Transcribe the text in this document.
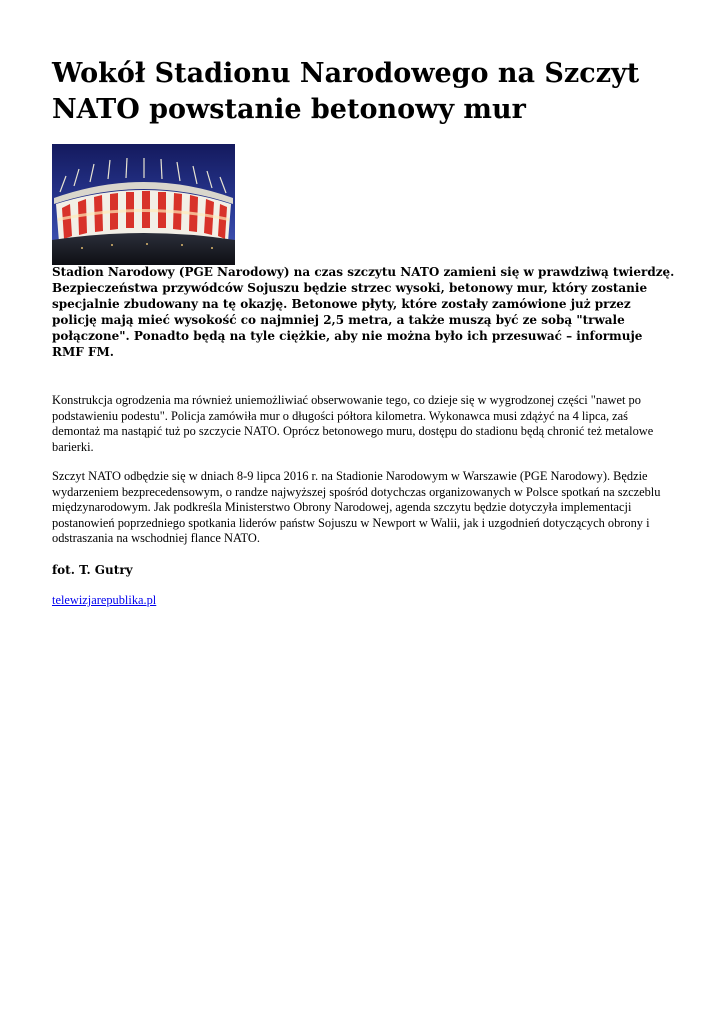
Wokół Stadionu Narodowego na Szczyt NATO powstanie betonowy mur

Stadion Narodowy (PGE Narodowy) na czas szczytu NATO zamieni się w prawdziwą twierdzę. Bezpieczeństwa przywódców Sojuszu będzie strzec wysoki, betonowy mur, który zostanie specjalnie zbudowany na tę okazję. Betonowe płyty, które zostały zamówione już przez policję mają mieć wysokość co najmniej 2,5 metra, a także muszą być ze sobą "trwale połączone". Ponadto będą na tyle ciężkie, aby nie można było ich przesuwać – informuje RMF FM.

Konstrukcja ogrodzenia ma również uniemożliwiać obserwowanie tego, co dzieje się w wygrodzonej części "nawet po podstawieniu podestu". Policja zamówiła mur o długości półtora kilometra. Wykonawca musi zdążyć na 4 lipca, zaś demontaż ma nastąpić tuż po szczycie NATO. Oprócz betonowego muru, dostępu do stadionu będą chronić też metalowe barierki.

Szczyt NATO odbędzie się w dniach 8-9 lipca 2016 r. na Stadionie Narodowym w Warszawie (PGE Narodowy). Będzie wydarzeniem bezprecedensowym, o randze najwyższej spośród dotychczas organizowanych w Polsce spotkań na szczeblu międzynarodowym. Jak podkreśla Ministerstwo Obrony Narodowej, agenda szczytu będzie dotyczyła implementacji postanowień poprzedniego spotkania liderów państw Sojuszu w Newport w Walii, jak i uzgodnień dotyczących obrony i odstraszania na wschodniej flance NATO.

fot. T. Gutry

telewizjarepublika.pl
